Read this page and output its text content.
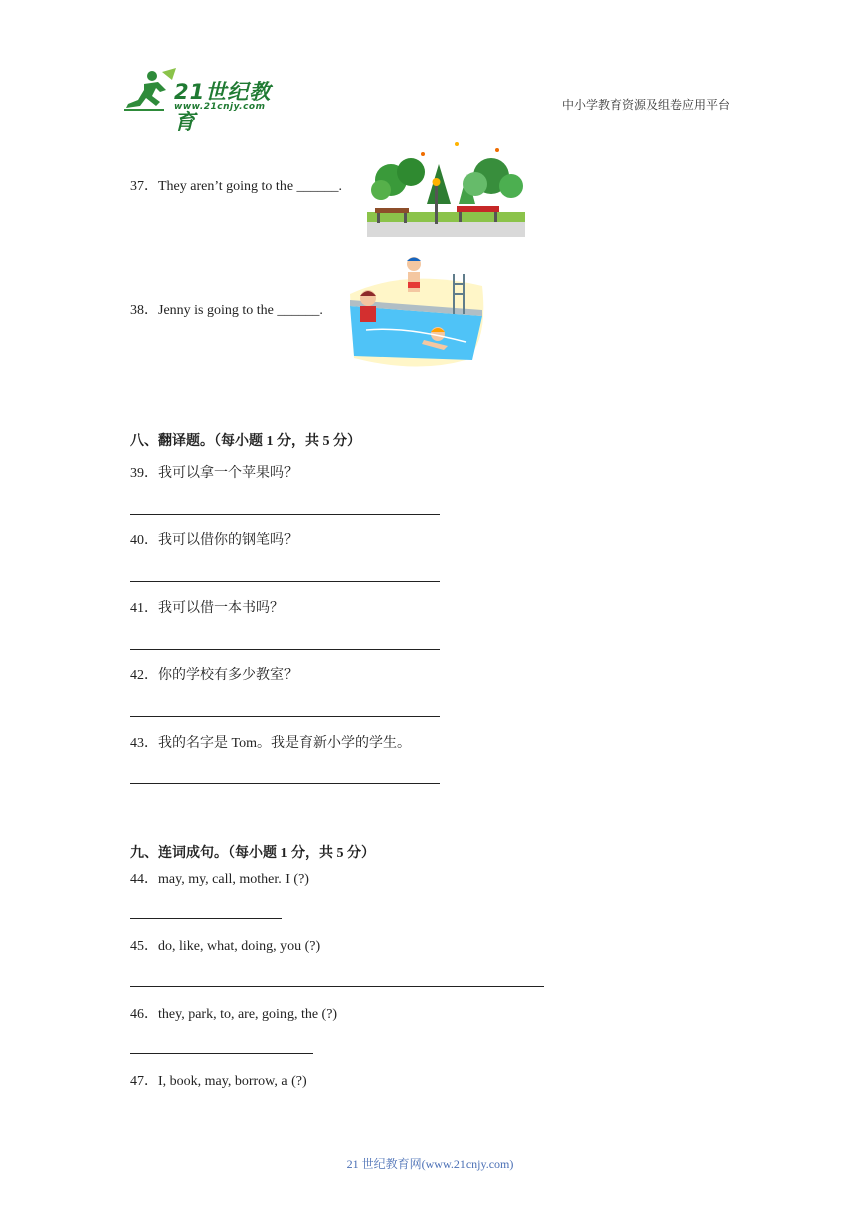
21世纪教育
www.21cnjy.com	中小学教育资源及组卷应用平台
37．They aren’t going to the ______.
38．Jenny is going to the ______.
八、翻译题。（每小题 1 分，共 5 分）
39．我可以拿一个苹果吗？
40．我可以借你的钢笔吗？
41．我可以借一本书吗？
42．你的学校有多少教室？
43．我的名字是 Tom。我是育新小学的学生。
九、连词成句。（每小题 1 分，共 5 分）
44．may, my, call, mother. I (?)
45．do, like, what, doing, you (?)
46．they, park, to, are, going, the (?)
47．I, book, may, borrow, a (?)
21 世纪教育网(www.21cnjy.com)
